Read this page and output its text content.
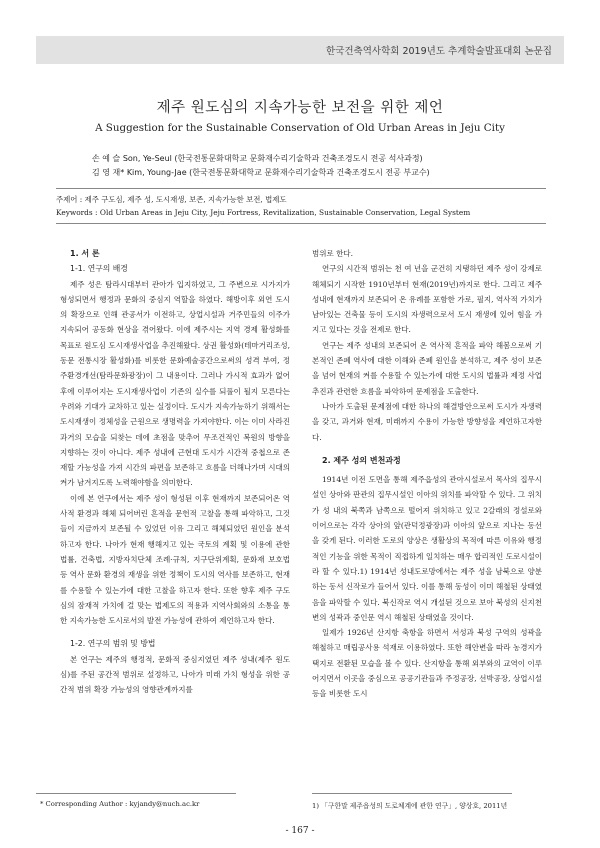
한국건축역사학회 2019년도 추계학술발표대회 논문집
제주 원도심의 지속가능한 보전을 위한 제언
A Suggestion for the Sustainable Conservation of Old Urban Areas in Jeju City
손 예 슬 Son, Ye-Seul (한국전통문화대학교 문화재수리기술학과 건축조경도시 전공 석사과정)
김 영 재* Kim, Young-Jae (한국전통문화대학교 문화재수리기술학과 건축조경도시 전공 부교수)
주제어 : 제주 구도심, 제주 성, 도시재생, 보존, 지속가능한 보전, 법제도
Keywords : Old Urban Areas in Jeju City, Jeju Fortress, Revitalization, Sustainable Conservation, Legal System

1. 서 론

1-1. 연구의 배경

제주 성은 탐라시대부터 관아가 입지하였고, 그 주변으로 시가지가 형성되면서 행정과 문화의 중심지 역할을 하였다. 해방이후 외연 도시의 확장으로 인해 관공서가 이전하고, 상업시설과 거주민들의 이주가 지속되어 공동화 현상을 겪어왔다. 이에 제주시는 지역 경제 활성화를 목표로 원도심 도시재생사업을 추진해왔다. 상권 활성화(테마거리조성, 동문 전통시장 활성화)를 비롯한 문화예술공간으로써의 성격 부여, 정주환경개선(탐라문화광장)이 그 내용이다. 그러나 가시적 효과가 없어 후에 이루어지는 도시재생사업이 기존의 실수를 되풀이 될지 모른다는 우려와 기대가 교차하고 있는 실정이다. 도시가 지속가능하기 위해서는 도시재생이 정체성을 근원으로 생명력을 가져야한다. 이는 이미 사라진 과거의 모습을 되찾는 데에 초점을 맞추어 무조건적인 복원의 방향을 지향하는 것이 아니다. 제주 성내에 근현대 도시가 시간적 중첩으로 존재할 가능성을 가져 시간의 파편을 보존하고 흐름을 더해나가며 시대의 켜가 남겨지도록 노력해야함을 의미한다.

이에 본 연구에서는 제주 성이 형성된 이후 현재까지 보존되어온 역사적 환경과 해체 되어버린 흔적을 문헌적 고찰을 통해 파악하고, 그것들이 지금까지 보존될 수 있었던 이유 그리고 해체되었던 원인을 분석하고자 한다. 나아가 현재 행해지고 있는 국토의 계획 및 이용에 관한 법률, 건축법, 지방자치단체 조례·규칙, 지구단위계획, 문화재 보호법 등 역사 문화 환경의 재생을 위한 정책이 도시의 역사를 보존하고, 현재를 수용할 수 있는가에 대한 고찰을 하고자 한다. 또한 향후 제주 구도심의 잠재적 가치에 걸 맞는 법제도의 적용과 지역사회와의 소통을 통한 지속가능한 도시로서의 발전 가능성에 관하여 제언하고자 한다.

1-2. 연구의 범위 및 방법

본 연구는 제주의 행정적, 문화적 중심지였던 제주 성내(제주 원도심)를 주된 공간적 범위로 설정하고, 나아가 미래 가치 형성을 위한 공간적 범위 확장 가능성의 영향관계까지를

범위로 한다.

연구의 시간적 범위는 천 여 년을 군건히 지탱하던 제주 성이 강제로 해체되기 시작한 1910년부터 현재(2019년)까지로 한다. 그리고 제주 성내에 현재까지 보존되어 온 유례를 포함한 가로, 필지, 역사적 가치가 남아있는 건축물 등이 도시의 자생력으로서 도시 재생에 있어 힘을 가지고 있다는 것을 전제로 한다.

연구는 제주 성내의 보존되어 온 역사적 흔적을 파악 해봄으로써 기본적인 존폐 역사에 대한 이해와 존폐 원인을 분석하고, 제주 성이 보존을 넘어 현재의 켜를 수용할 수 있는가에 대한 도시의 법률과 제정 사업 추진과 관련한 흐름을 파악하여 문제점을 도출한다.

나아가 도출된 문제점에 대한 하나의 해결방안으로써 도시가 자생력을 갖고, 과거와 현재, 미래까지 수용이 가능한 방향성을 제언하고자한다.

2. 제주 성의 변천과정

1914년 이전 도면을 통해 제주읍성의 관아시설로서 목사의 집무시설인 상아와 판관의 집무시설인 이아의 위치를 파악할 수 있다. 그 위치가 성 내의 북쪽과 남쪽으로 떨어져 위치하고 있고 2갈래의 정설로와 이어으로는 각각 상아의 앞(관덕정광장)과 이아의 앞으로 지나는 동선을 갖게 된다. 이러한 도로의 양상은 생활상의 목적에 따른 이유와 행정적인 기능을 위한 목적이 직접하게 일치하는 매우 합리적인 도로시설이라 할 수 있다.1) 1914년 성내도로망에서는 제주 성을 남북으로 양분하는 동서 신작로가 들어서 있다. 이를 통해 동성이 이미 해철된 상태였음을 파악할 수 있다. 북신작로 역시 개설된 것으로 보아 북성의 신지천변의 성곽과 중인문 역시 해철된 상태였을 것이다.

일제가 1926년 산지항 축항을 하면서 서성과 북성 구역의 성곽을 해철하고 매립공사용 석재로 이용하였다. 또한 해안변을 따라 농경지가 택지로 전환된 모습을 볼 수 있다. 산지항을 통해 외부와의 교역이 이루어지면서 이곳을 중심으로 공공기관들과 주정공장, 선박공장, 상업시설 등을 비롯한 도시

* Corresponding Author : kyjandy@nuch.ac.kr	1) 「구한말 제주읍성의 도로체계에 관한 연구」, 양상호, 2011년
- 167 -
